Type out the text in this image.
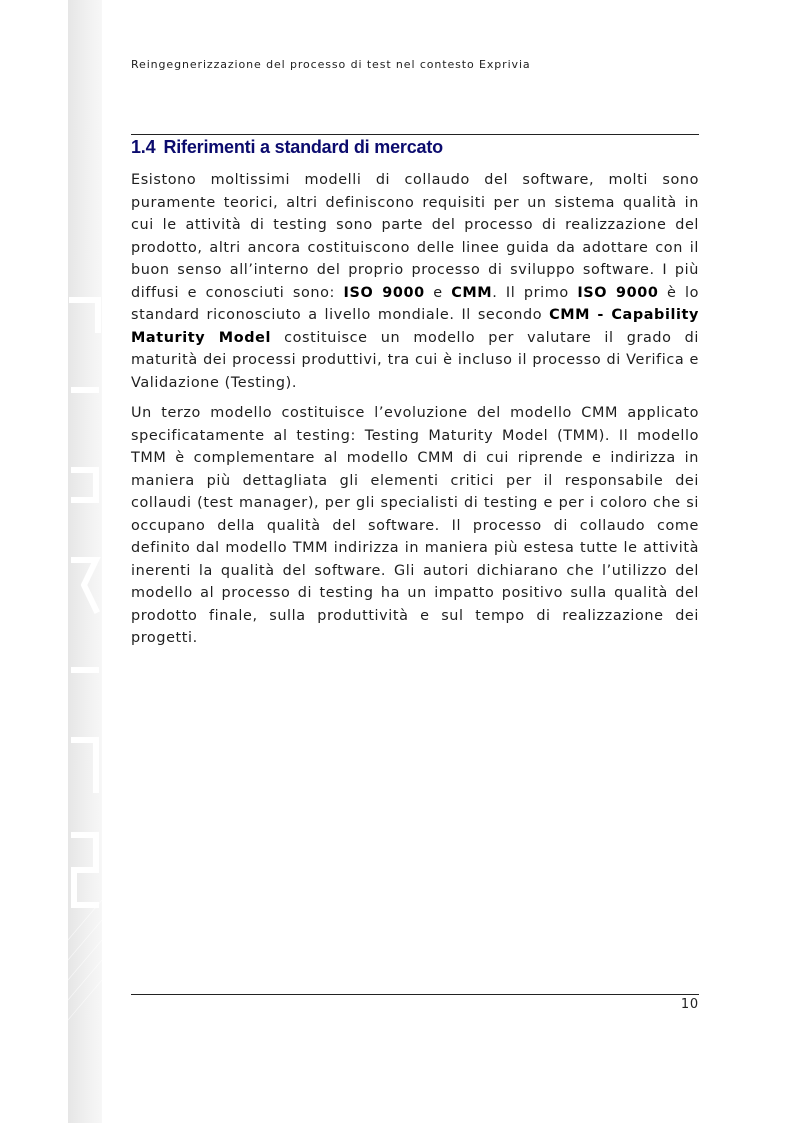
Reingegnerizzazione del processo di test nel contesto Exprivia
1.4 Riferimenti a standard di mercato

Esistono moltissimi modelli di collaudo del software, molti sono puramente teorici, altri definiscono requisiti per un sistema qualità in cui le attività di testing sono parte del processo di realizzazione del prodotto, altri ancora costituiscono delle linee guida da adottare con il buon senso all’interno del proprio processo di sviluppo software. I più diffusi e conosciuti sono: ISO 9000 e CMM. Il primo ISO 9000 è lo standard riconosciuto a livello mondiale. Il secondo CMM - Capability Maturity Model costituisce un modello per valutare il grado di maturità dei processi produttivi, tra cui è incluso il processo di Verifica e Validazione (Testing).

Un terzo modello costituisce l’evoluzione del modello CMM applicato specificatamente al testing: Testing Maturity Model (TMM). Il modello TMM è complementare al modello CMM di cui riprende e indirizza in maniera più dettagliata gli elementi critici per il responsabile dei collaudi (test manager), per gli specialisti di testing e per i coloro che si occupano della qualità del software. Il processo di collaudo come definito dal modello TMM indirizza in maniera più estesa tutte le attività inerenti la qualità del software. Gli autori dichiarano che l’utilizzo del modello al processo di testing ha un impatto positivo sulla qualità del prodotto finale, sulla produttività e sul tempo di realizzazione dei progetti.

10
